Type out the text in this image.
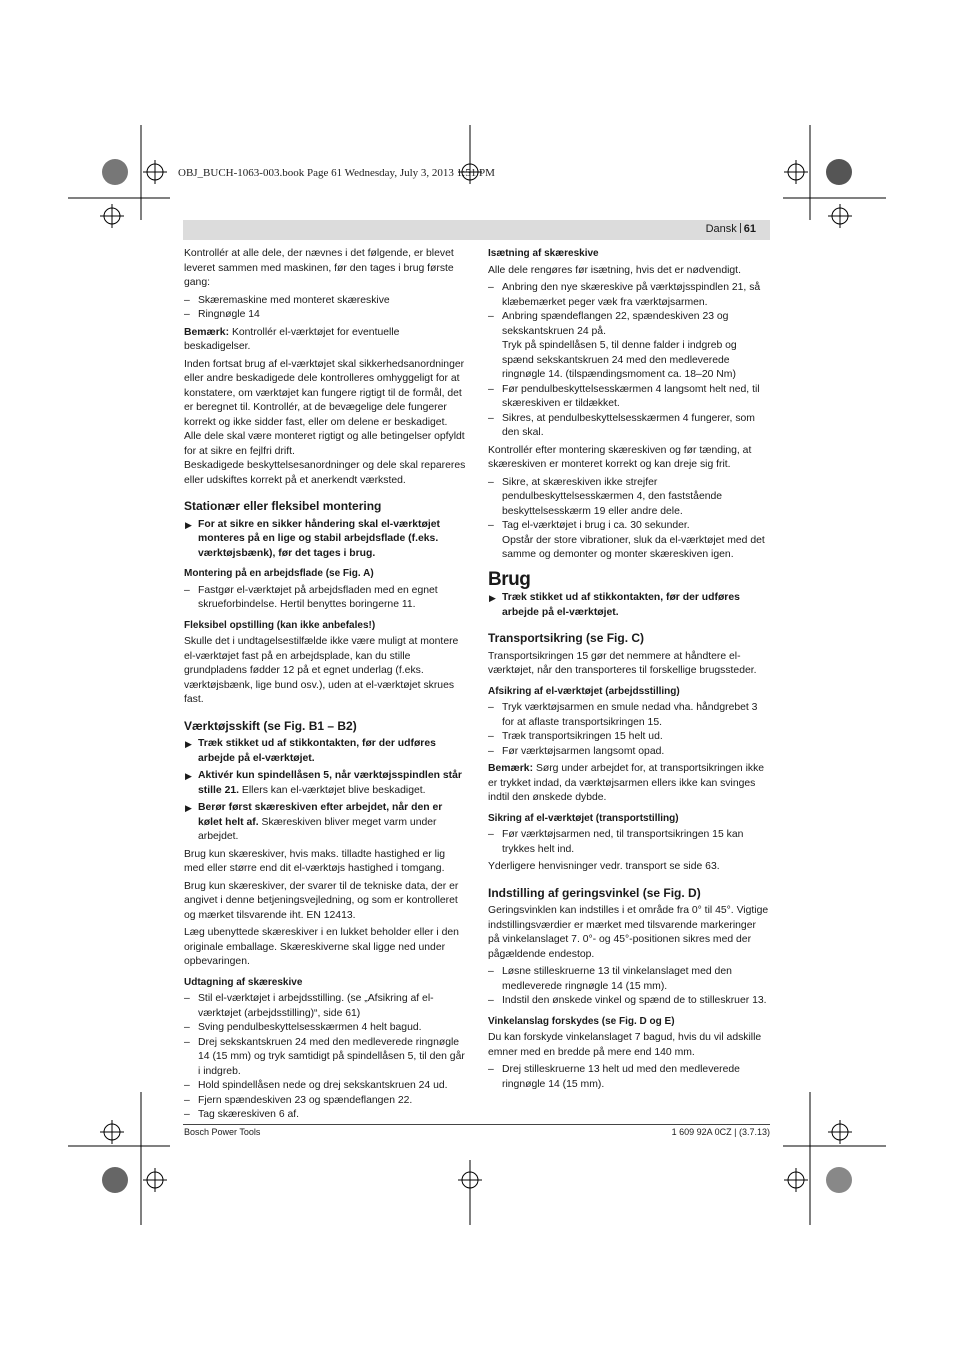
OBJ_BUCH-1063-003.book Page 61 Wednesday, July 3, 2013 1:51 PM
Dansk 61

Kontrollér at alle dele, der nævnes i det følgende, er blevet leveret sammen med maskinen, før den tages i brug første gang:

– Skæremaskine med monteret skæreskive
– Ringnøgle 14

Bemærk: Kontrollér el-værktøjet for eventuelle beskadigelser.

Inden fortsat brug af el-værktøjet skal sikkerhedsanordninger eller andre beskadigede dele kontrolleres omhyggeligt for at konstatere, om værktøjet kan fungere rigtigt til de formål, det er beregnet til. Kontrollér, at de bevægelige dele fungerer korrekt og ikke sidder fast, eller om delene er beskadiget. Alle dele skal være monteret rigtigt og alle betingelser opfyldt for at sikre en fejlfri drift.

Beskadigede beskyttelsesanordninger og dele skal repareres eller udskiftes korrekt på et anerkendt værksted.

Stationær eller fleksibel montering
▶ For at sikre en sikker håndering skal el-værktøjet monteres på en lige og stabil arbejdsflade (f.eks. værktøjsbænk), før det tages i brug.
Montering på en arbejdsflade (se Fig. A)
– Fastgør el-værktøjet på arbejdsfladen med en egnet skrueforbindelse. Hertil benyttes boringerne 11.
Fleksibel opstilling (kan ikke anbefales!)

Skulle det i undtagelsestilfælde ikke være muligt at montere el-værktøjet fast på en arbejdsplade, kan du stille grundpladens fødder 12 på et egnet underlag (f.eks. værktøjsbænk, lige bund osv.), uden at el-værktøjet skrues fast.

Værktøjsskift (se Fig. B1 – B2)
▶ Træk stikket ud af stikkontakten, før der udføres arbejde på el-værktøjet.
▶ Aktivér kun spindellåsen 5, når værktøjsspindlen står stille 21. Ellers kan el-værktøjet blive beskadiget.
▶ Berør først skæreskiven efter arbejdet, når den er kølet helt af. Skæreskiven bliver meget varm under arbejdet.

Brug kun skæreskiver, hvis maks. tilladte hastighed er lig med eller større end dit el-værktøjs hastighed i tomgang.

Brug kun skæreskiver, der svarer til de tekniske data, der er angivet i denne betjeningsvejledning, og som er kontrolleret og mærket tilsvarende iht. EN 12413.

Læg ubenyttede skæreskiver i en lukket beholder eller i den originale emballage. Skæreskiverne skal ligge ned under opbevaringen.

Udtagning af skæreskive
– Stil el-værktøjet i arbejdsstilling. (se „Afsikring af el-værktøjet (arbejdsstilling)“, side 61)
– Sving pendulbeskyttelsesskærmen 4 helt bagud.
– Drej sekskantskruen 24 med den medleverede ringnøgle 14 (15 mm) og tryk samtidigt på spindellåsen 5, til den går i indgreb.
– Hold spindellåsen nede og drej sekskantskruen 24 ud.
– Fjern spændeskiven 23 og spændeflangen 22.
– Tag skæreskiven 6 af.
Isætning af skæreskive

Alle dele rengøres før isætning, hvis det er nødvendigt.

– Anbring den nye skæreskive på værktøjsspindlen 21, så klæbemærket peger væk fra værktøjsarmen.
– Anbring spændeflangen 22, spændeskiven 23 og sekskantskruen 24 på.
Tryk på spindellåsen 5, til denne falder i indgreb og spænd sekskantskruen 24 med den medleverede ringnøgle 14. (tilspændingsmoment ca. 18–20 Nm)
– Før pendulbeskyttelsesskærmen 4 langsomt helt ned, til skæreskiven er tildækket.
– Sikres, at pendulbeskyttelsesskærmen 4 fungerer, som den skal.

Kontrollér efter montering skæreskiven og før tænding, at skæreskiven er monteret korrekt og kan dreje sig frit.

– Sikre, at skæreskiven ikke strejfer pendulbeskyttelsesskærmen 4, den faststående beskyttelsesskærm 19 eller andre dele.
– Tag el-værktøjet i brug i ca. 30 sekunder.
Opstår der store vibrationer, sluk da el-værktøjet med det samme og demonter og monter skæreskiven igen.
Brug
▶ Træk stikket ud af stikkontakten, før der udføres arbejde på el-værktøjet.
Transportsikring (se Fig. C)

Transportsikringen 15 gør det nemmere at håndtere el-værktøjet, når den transporteres til forskellige brugssteder.

Afsikring af el-værktøjet (arbejdsstilling)
– Tryk værktøjsarmen en smule nedad vha. håndgrebet 3 for at aflaste transportsikringen 15.
– Træk transportsikringen 15 helt ud.
– Før værktøjsarmen langsomt opad.

Bemærk: Sørg under arbejdet for, at transportsikringen ikke er trykket indad, da værktøjsarmen ellers ikke kan svinges indtil den ønskede dybde.

Sikring af el-værktøjet (transportstilling)
– Før værktøjsarmen ned, til transportsikringen 15 kan trykkes helt ind.

Yderligere henvisninger vedr. transport se side 63.

Indstilling af geringsvinkel (se Fig. D)

Geringsvinklen kan indstilles i et område fra 0° til 45°. Vigtige indstillingsværdier er mærket med tilsvarende markeringer på vinkelanslaget 7. 0°- og 45°-positionen sikres med der pågældende endestop.

– Løsne stilleskruerne 13 til vinkelanslaget med den medleverede ringnøgle 14 (15 mm).
– Indstil den ønskede vinkel og spænd de to stilleskruer 13.
Vinkelanslag forskydes (se Fig. D og E)

Du kan forskyde vinkelanslaget 7 bagud, hvis du vil adskille emner med en bredde på mere end 140 mm.

– Drej stilleskruerne 13 helt ud med den medleverede ringnøgle 14 (15 mm).
Bosch Power Tools	1 609 92A 0CZ | (3.7.13)
